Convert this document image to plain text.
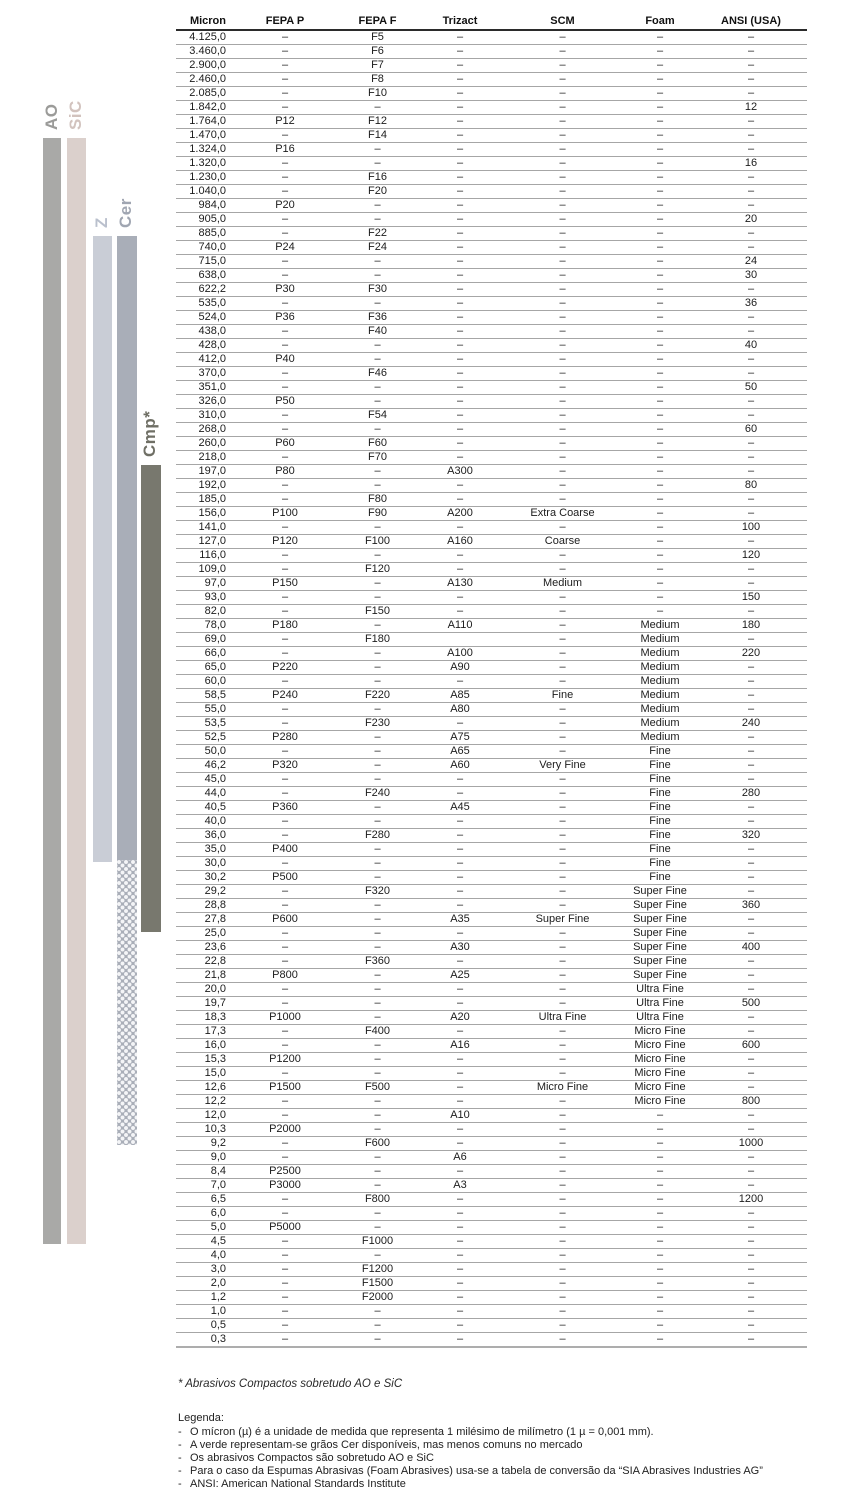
AO SiC
Z Cer
Cmp*
Micron	FEPA P	FEPA F	Trizact	SCM	Foam	ANSI (USA)
4.125,0	–	F5	–	–	–	–
3.460,0	–	F6	–	–	–	–
2.900,0	–	F7	–	–	–	–
2.460,0	–	F8	–	–	–	–
2.085,0	–	F10	–	–	–	–
1.842,0	–	–	–	–	–	12
1.764,0	P12	F12	–	–	–	–
1.470,0	–	F14	–	–	–	–
1.324,0	P16	–	–	–	–	–
1.320,0	–	–	–	–	–	16
1.230,0	–	F16	–	–	–	–
1.040,0	–	F20	–	–	–	–
984,0	P20	–	–	–	–	–
905,0	–	–	–	–	–	20
885,0	–	F22	–	–	–	–
740,0	P24	F24	–	–	–	–
715,0	–	–	–	–	–	24
638,0	–	–	–	–	–	30
622,2	P30	F30	–	–	–	–
535,0	–	–	–	–	–	36
524,0	P36	F36	–	–	–	–
438,0	–	F40	–	–	–	–
428,0	–	–	–	–	–	40
412,0	P40	–	–	–	–	–
370,0	–	F46	–	–	–	–
351,0	–	–	–	–	–	50
326,0	P50	–	–	–	–	–
310,0	–	F54	–	–	–	–
268,0	–	–	–	–	–	60
260,0	P60	F60	–	–	–	–
218,0	–	F70	–	–	–	–
197,0	P80	–	A300	–	–	–
192,0	–	–	–	–	–	80
185,0	–	F80	–	–	–	–
156,0	P100	F90	A200	Extra Coarse	–	–
141,0	–	–	–	–	–	100
127,0	P120	F100	A160	Coarse	–	–
116,0	–	–	–	–	–	120
109,0	–	F120	–	–	–	–
97,0	P150	–	A130	Medium	–	–
93,0	–	–	–	–	–	150
82,0	–	F150	–	–	–	–
78,0	P180	–	A110	–	Medium	180
69,0	–	F180		–	Medium	–
66,0	–	–	A100	–	Medium	220
65,0	P220	–	A90	–	Medium	–
60,0	–	–	–	–	Medium	–
58,5	P240	F220	A85	Fine	Medium	–
55,0	–	–	A80	–	Medium	–
53,5	–	F230	–	–	Medium	240
52,5	P280	–	A75	–	Medium	–
50,0	–	–	A65	–	Fine	–
46,2	P320	–	A60	Very Fine	Fine	–
45,0	–	–	–	–	Fine	–
44,0	–	F240	–	–	Fine	280
40,5	P360	–	A45	–	Fine	–
40,0	–	–	–	–	Fine	–
36,0	–	F280	–	–	Fine	320
35,0	P400	–	–	–	Fine	–
30,0	–	–	–	–	Fine	–
30,2	P500	–	–	–	Fine	–
29,2	–	F320	–	–	Super Fine	–
28,8	–	–	–	–	Super Fine	360
27,8	P600	–	A35	Super Fine	Super Fine	–
25,0	–	–	–	–	Super Fine	–
23,6	–	–	A30	–	Super Fine	400
22,8	–	F360	–	–	Super Fine	–
21,8	P800	–	A25	–	Super Fine	–
20,0	–	–	–	–	Ultra Fine	–
19,7	–	–	–	–	Ultra Fine	500
18,3	P1000	–	A20	Ultra Fine	Ultra Fine	–
17,3	–	F400	–	–	Micro Fine	–
16,0	–	–	A16	–	Micro Fine	600
15,3	P1200	–	–	–	Micro Fine	–
15,0	–	–	–	–	Micro Fine	–
12,6	P1500	F500	–	Micro Fine	Micro Fine	–
12,2	–	–	–	–	Micro Fine	800
12,0	–	–	A10	–	–	–
10,3	P2000	–	–	–	–	–
9,2	–	F600	–	–	–	1000
9,0	–	–	A6	–	–	–
8,4	P2500	–	–	–	–	–
7,0	P3000	–	A3	–	–	–
6,5	–	F800	–	–	–	1200
6,0	–	–	–	–	–	–
5,0	P5000	–	–	–	–	–
4,5	–	F1000	–	–	–	–
4,0	–	–	–	–	–	–
3,0	–	F1200	–	–	–	–
2,0	–	F1500	–	–	–	–
1,2	–	F2000	–	–	–	–
1,0	–	–	–	–	–	–
0,5	–	–	–	–	–	–
0,3	–	–	–	–	–	–
* Abrasivos Compactos sobretudo AO e SiC
Legenda:
- O mícron (µ) é a unidade de medida que representa 1 milésimo de milímetro (1 µ = 0,001 mm).
- A verde representam-se grãos Cer disponíveis, mas menos comuns no mercado
- Os abrasivos Compactos são sobretudo AO e SiC
- Para o caso da Espumas Abrasivas (Foam Abrasives) usa-se a tabela de conversão da “SIA Abrasives Industries AG”
- ANSI: American National Standards Institute
